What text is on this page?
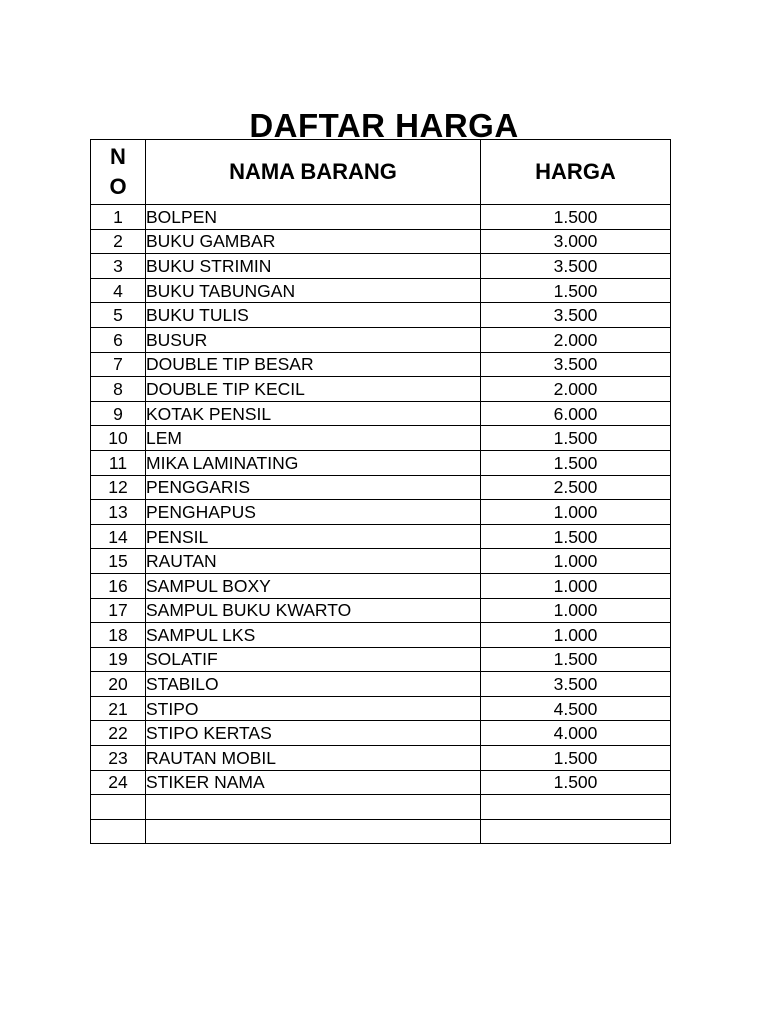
DAFTAR HARGA
N
O	NAMA BARANG	HARGA
1	BOLPEN	1.500
2	BUKU GAMBAR	3.000
3	BUKU STRIMIN	3.500
4	BUKU TABUNGAN	1.500
5	BUKU TULIS	3.500
6	BUSUR	2.000
7	DOUBLE TIP BESAR	3.500
8	DOUBLE TIP KECIL	2.000
9	KOTAK PENSIL	6.000
10	LEM	1.500
11	MIKA LAMINATING	1.500
12	PENGGARIS	2.500
13	PENGHAPUS	1.000
14	PENSIL	1.500
15	RAUTAN	1.000
16	SAMPUL BOXY	1.000
17	SAMPUL BUKU KWARTO	1.000
18	SAMPUL LKS	1.000
19	SOLATIF	1.500
20	STABILO	3.500
21	STIPO	4.500
22	STIPO KERTAS	4.000
23	RAUTAN MOBIL	1.500
24	STIKER NAMA	1.500
